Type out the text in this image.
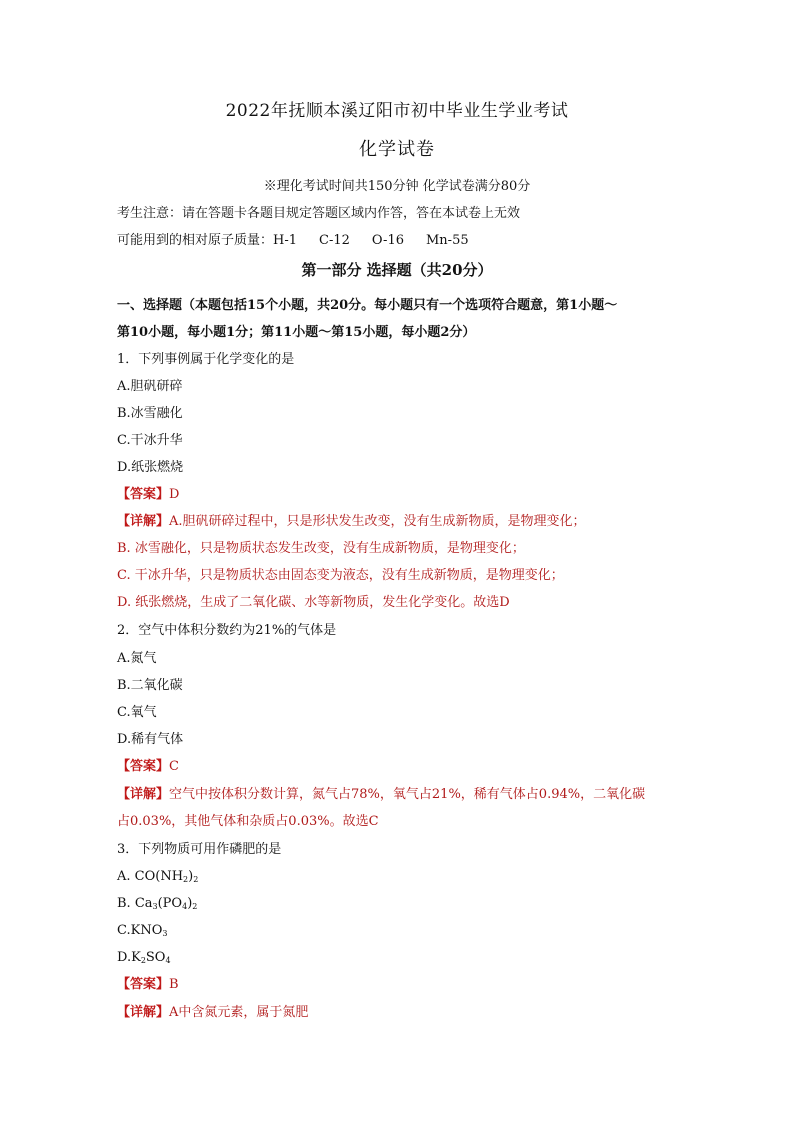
2022年抚顺本溪辽阳市初中毕业生学业考试
化学试卷
※理化考试时间共150分钟 化学试卷满分80分
考生注意：请在答题卡各题目规定答题区域内作答，答在本试卷上无效
可能用到的相对原子质量：H-1 C-12 O-16 Mn-55
第一部分 选择题（共20分）
一、选择题（本题包括15个小题，共20分。每小题只有一个选项符合题意，第1小题～
第10小题，每小题1分；第11小题～第15小题，每小题2分）
1．下列事例属于化学变化的是
A.胆矾研碎
B.冰雪融化
C.干冰升华
D.纸张燃烧
【答案】D
【详解】A.胆矾研碎过程中，只是形状发生改变，没有生成新物质，是物理变化；
B. 冰雪融化，只是物质状态发生改变，没有生成新物质，是物理变化；
C. 干冰升华，只是物质状态由固态变为液态，没有生成新物质，是物理变化；
D. 纸张燃烧，生成了二氧化碳、水等新物质，发生化学变化。故选D
2．空气中体积分数约为21%的气体是
A.氮气
B.二氧化碳
C.氧气
D.稀有气体
【答案】C
【详解】空气中按体积分数计算，氮气占78%，氧气占21%，稀有气体占0.94%，二氧化碳
占0.03%，其他气体和杂质占0.03%。故选C
3．下列物质可用作磷肥的是
A. $CO(NH_2)_2$
B. $Ca_3(PO_4)_2$
$C.KNO_3$
$D.K_2SO_4$
【答案】B
【详解】A中含氮元素，属于氮肥
